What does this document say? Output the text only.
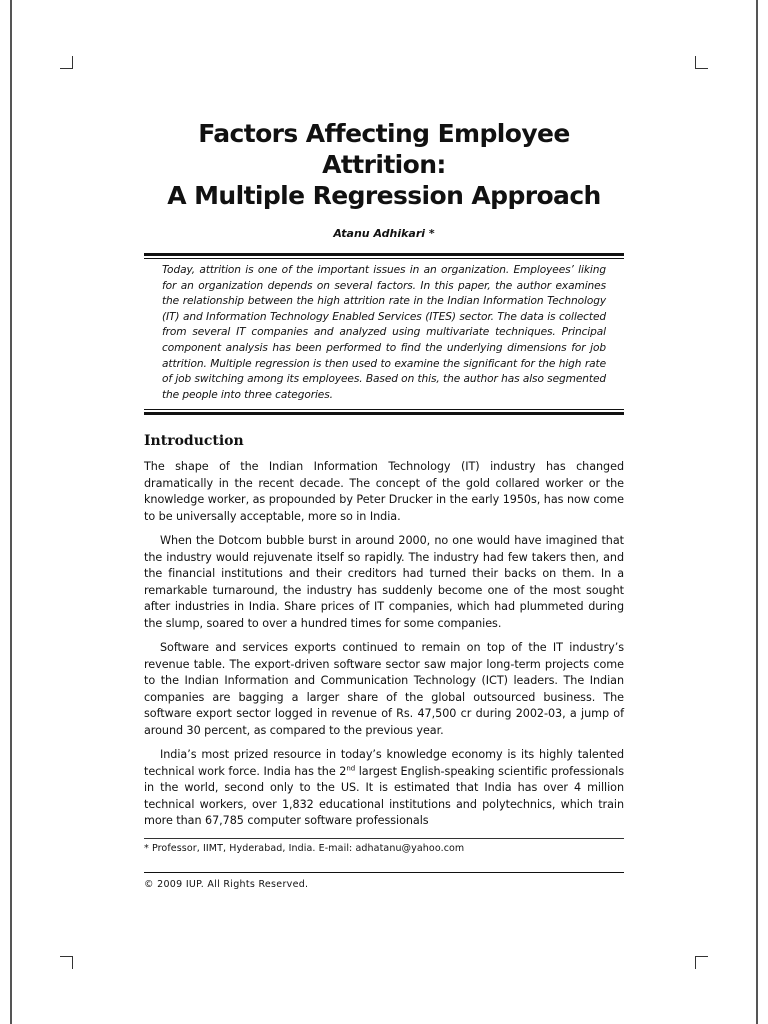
Factors Affecting Employee Attrition:
A Multiple Regression Approach
Atanu Adhikari *

Today, attrition is one of the important issues in an organization. Employees’ liking for an organization depends on several factors. In this paper, the author examines the relationship between the high attrition rate in the Indian Information Technology (IT) and Information Technology Enabled Services (ITES) sector. The data is collected from several IT companies and analyzed using multivariate techniques. Principal component analysis has been performed to find the underlying dimensions for job attrition. Multiple regression is then used to examine the significant for the high rate of job switching among its employees. Based on this, the author has also segmented the people into three categories.

Introduction

The shape of the Indian Information Technology (IT) industry has changed dramatically in the recent decade. The concept of the gold collared worker or the knowledge worker, as propounded by Peter Drucker in the early 1950s, has now come to be universally acceptable, more so in India.

When the Dotcom bubble burst in around 2000, no one would have imagined that the industry would rejuvenate itself so rapidly. The industry had few takers then, and the financial institutions and their creditors had turned their backs on them. In a remarkable turnaround, the industry has suddenly become one of the most sought after industries in India. Share prices of IT companies, which had plummeted during the slump, soared to over a hundred times for some companies.

Software and services exports continued to remain on top of the IT industry’s revenue table. The export-driven software sector saw major long-term projects come to the Indian Information and Communication Technology (ICT) leaders. The Indian companies are bagging a larger share of the global outsourced business. The software export sector logged in revenue of Rs. 47,500 cr during 2002-03, a jump of around 30 percent, as compared to the previous year.

India’s most prized resource in today’s knowledge economy is its highly talented technical work force. India has the 2nd largest English-speaking scientific professionals in the world, second only to the US. It is estimated that India has over 4 million technical workers, over 1,832 educational institutions and polytechnics, which train more than 67,785 computer software professionals

* Professor, IIMT, Hyderabad, India. E-mail: adhatanu@yahoo.com
© 2009 IUP. All Rights Reserved.
